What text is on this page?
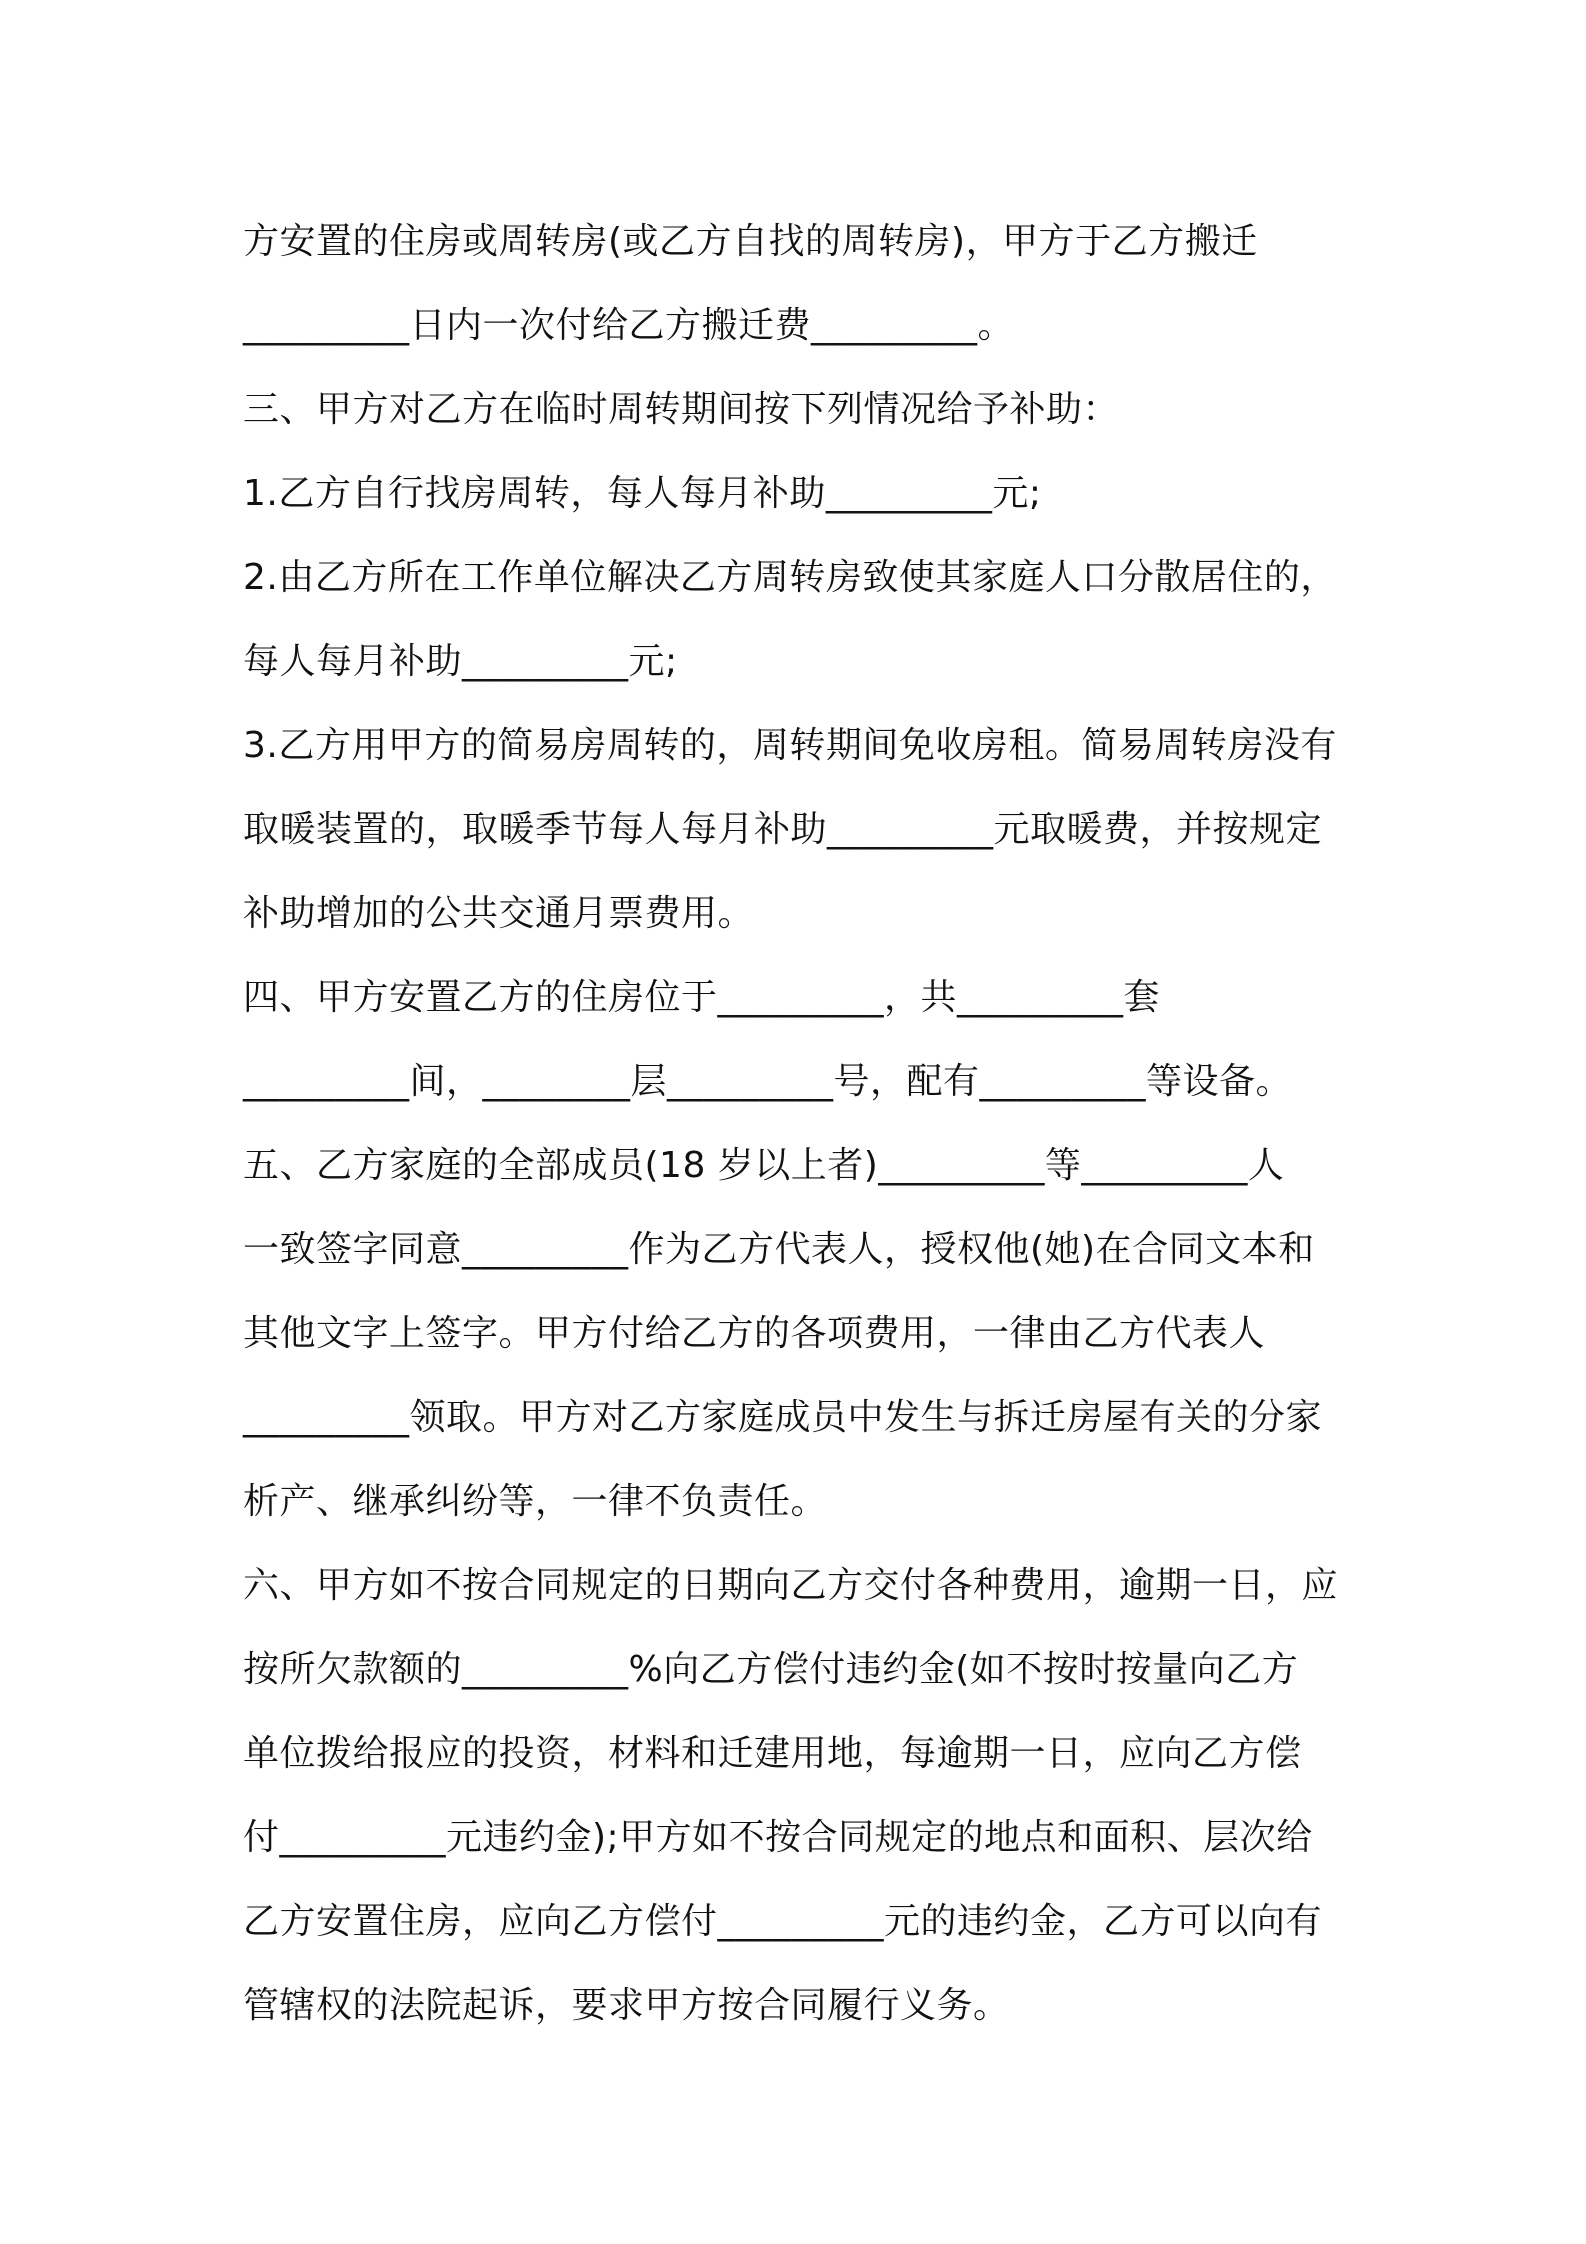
方安置的住房或周转房(或乙方自找的周转房)，甲方于乙方搬迁
_________日内一次付给乙方搬迁费_________。
三、甲方对乙方在临时周转期间按下列情况给予补助：
1.乙方自行找房周转，每人每月补助_________元;
2.由乙方所在工作单位解决乙方周转房致使其家庭人口分散居住的，
每人每月补助_________元;
3.乙方用甲方的简易房周转的，周转期间免收房租。简易周转房没有
取暖装置的，取暖季节每人每月补助_________元取暖费，并按规定
补助增加的公共交通月票费用。
四、甲方安置乙方的住房位于_________，共_________套
_________间，________层_________号，配有_________等设备。
五、乙方家庭的全部成员(18 岁以上者)_________等_________人
一致签字同意_________作为乙方代表人，授权他(她)在合同文本和
其他文字上签字。甲方付给乙方的各项费用，一律由乙方代表人
_________领取。甲方对乙方家庭成员中发生与拆迁房屋有关的分家
析产、继承纠纷等，一律不负责任。
六、甲方如不按合同规定的日期向乙方交付各种费用，逾期一日，应
按所欠款额的_________%向乙方偿付违约金(如不按时按量向乙方
单位拨给报应的投资，材料和迁建用地，每逾期一日，应向乙方偿
付_________元违约金);甲方如不按合同规定的地点和面积、层次给
乙方安置住房，应向乙方偿付_________元的违约金，乙方可以向有
管辖权的法院起诉，要求甲方按合同履行义务。
